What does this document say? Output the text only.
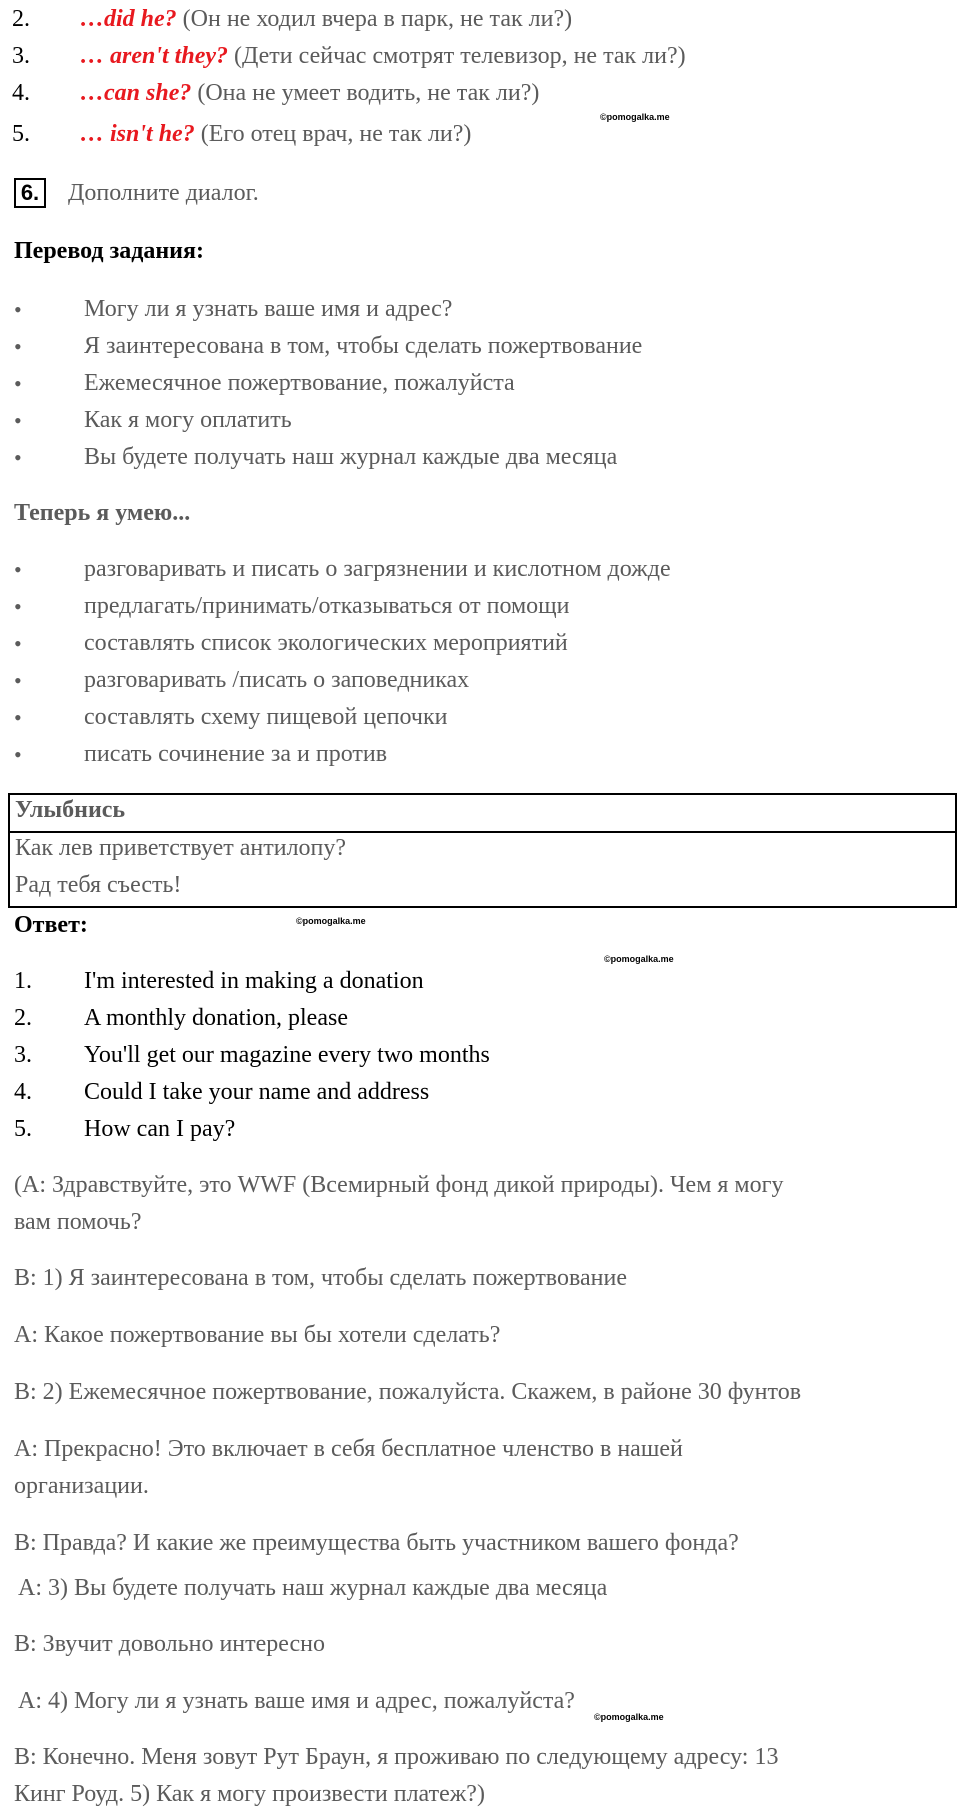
2. …did he? (Он не ходил вчера в парк, не так ли?)
3. … aren't they? (Дети сейчас смотрят телевизор, не так ли?)
4. …can she? (Она не умеет водить, не так ли?)
5. … isn't he? (Его отец врач, не так ли?)
©pomogalka.me
6. Дополните диалог.
Перевод задания:
•	Могу ли я узнать ваше имя и адрес?
•	Я заинтересована в том, чтобы сделать пожертвование
•	Ежемесячное пожертвование, пожалуйста
•	Как я могу оплатить
•	Вы будете получать наш журнал каждые два месяца
Теперь я умею...
•	разговаривать и писать о загрязнении и кислотном дожде
•	предлагать/принимать/отказываться от помощи
•	составлять список экологических мероприятий
•	разговаривать /писать о заповедниках
•	составлять схему пищевой цепочки
•	писать сочинение за и против
Улыбнись
Как лев приветствует антилопу?
Рад тебя съесть!
Ответ:	©pomogalka.me
©pomogalka.me
1. I'm interested in making a donation
2. A monthly donation, please
3. You'll get our magazine every two months
4. Could I take your name and address
5. How can I pay?
(А: Здравствуйте, это WWF (Всемирный фонд дикой природы). Чем я могу
вам помочь?
В: 1) Я заинтересована в том, чтобы сделать пожертвование
А: Какое пожертвование вы бы хотели сделать?
В: 2) Ежемесячное пожертвование, пожалуйста. Скажем, в районе 30 фунтов
А: Прекрасно! Это включает в себя бесплатное членство в нашей
организации.
В: Правда? И какие же преимущества быть участником вашего фонда?
А: 3) Вы будете получать наш журнал каждые два месяца
В: Звучит довольно интересно
А: 4) Могу ли я узнать ваше имя и адрес, пожалуйста?
В: Конечно. Меня зовут Рут Браун, я проживаю по следующему адресу: 13
Кинг Роуд. 5) Как я могу произвести платеж?)
©pomogalka.me
